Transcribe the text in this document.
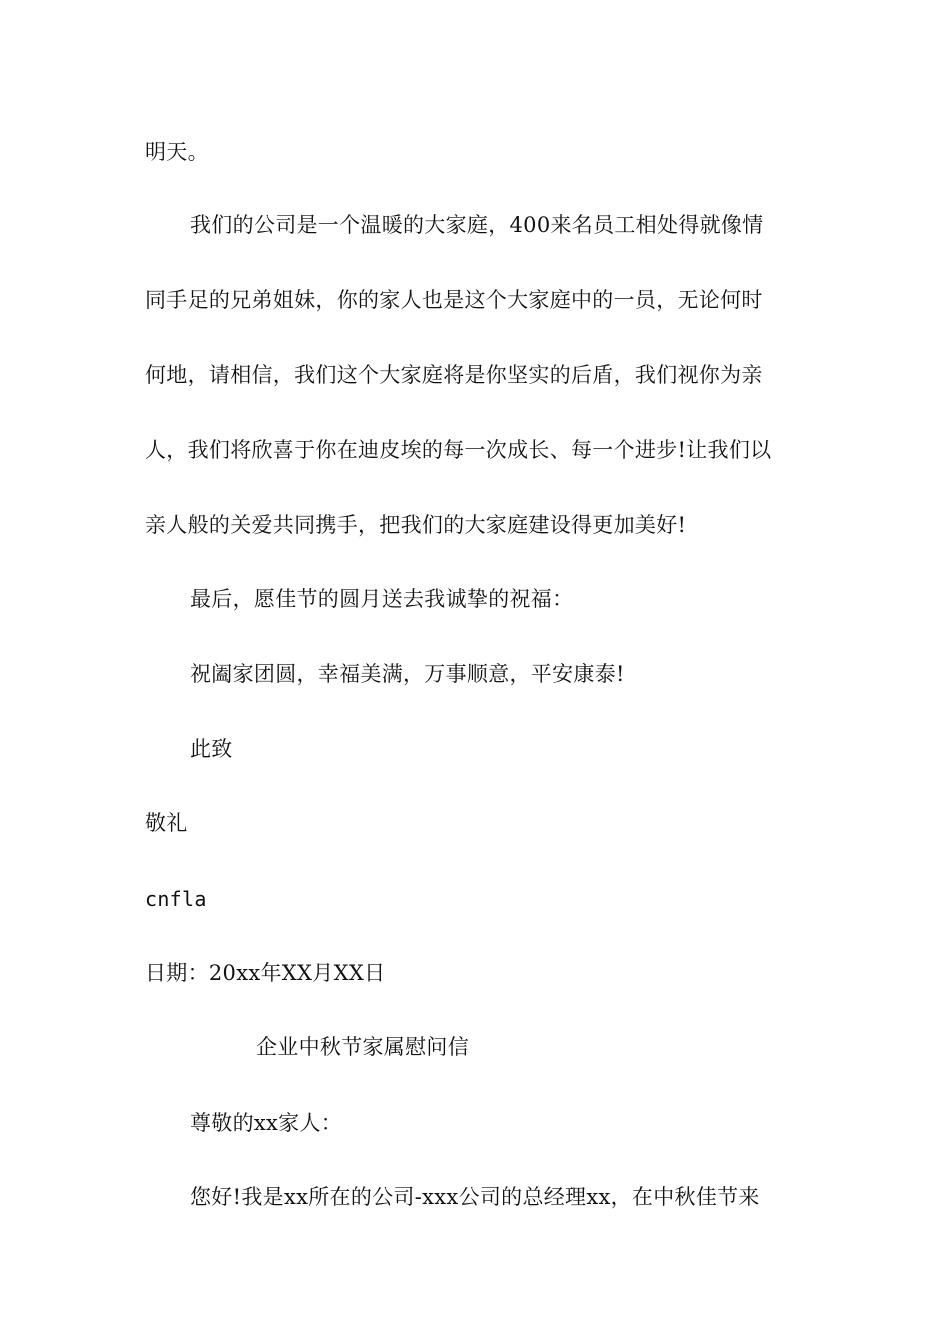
明天。
我们的公司是一个温暖的大家庭，400来名员工相处得就像情
同手足的兄弟姐妹，你的家人也是这个大家庭中的一员，无论何时
何地，请相信，我们这个大家庭将是你坚实的后盾，我们视你为亲
人，我们将欣喜于你在迪皮埃的每一次成长、每一个进步!让我们以
亲人般的关爱共同携手，把我们的大家庭建设得更加美好!
最后，愿佳节的圆月送去我诚挚的祝福：
祝阖家团圆，幸福美满，万事顺意，平安康泰!
此致
敬礼
cnfla
日期：20xx年XX月XX日
企业中秋节家属慰问信
尊敬的xx家人：
您好!我是xx所在的公司-xxx公司的总经理xx，在中秋佳节来
